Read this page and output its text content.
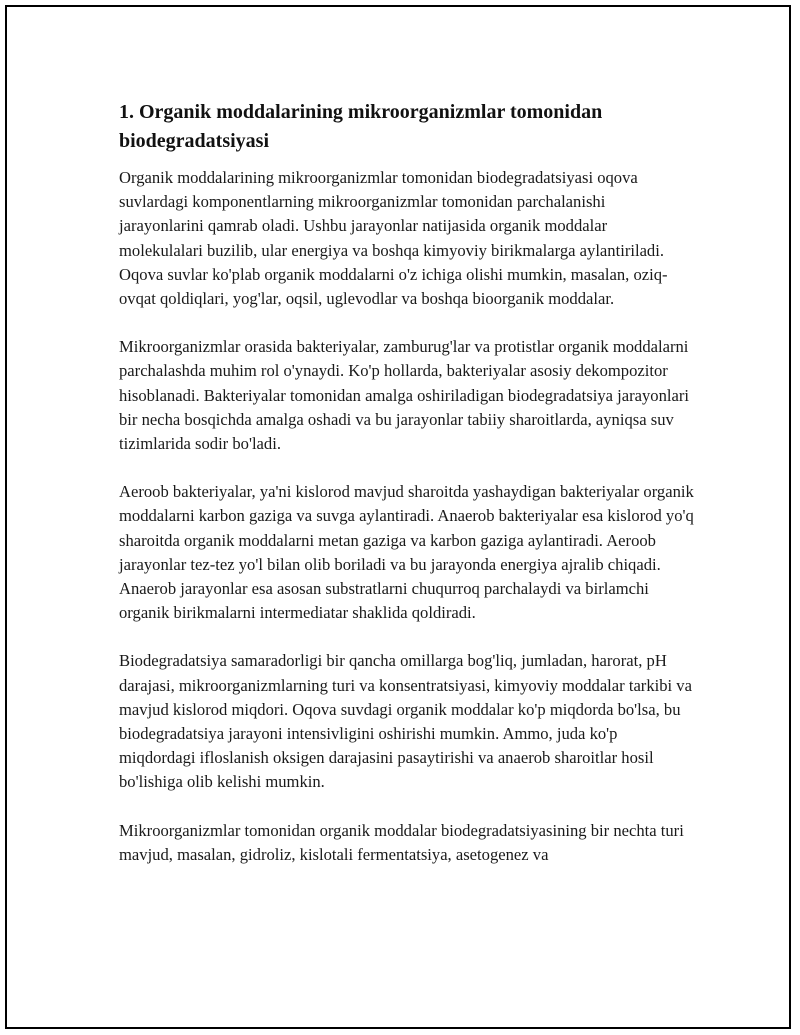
1. Organik moddalarining mikroorganizmlar tomonidan biodegradatsiyasi

Organik moddalarining mikroorganizmlar tomonidan biodegradatsiyasi oqova suvlardagi komponentlarning mikroorganizmlar tomonidan parchalanishi jarayonlarini qamrab oladi. Ushbu jarayonlar natijasida organik moddalar molekulalari buzilib, ular energiya va boshqa kimyoviy birikmalarga aylantiriladi. Oqova suvlar ko'plab organik moddalarni o'z ichiga olishi mumkin, masalan, oziq-ovqat qoldiqlari, yog'lar, oqsil, uglevodlar va boshqa bioorganik moddalar.

Mikroorganizmlar orasida bakteriyalar, zamburug'lar va protistlar organik moddalarni parchalashda muhim rol o'ynaydi. Ko'p hollarda, bakteriyalar asosiy dekompozitor hisoblanadi. Bakteriyalar tomonidan amalga oshiriladigan biodegradatsiya jarayonlari bir necha bosqichda amalga oshadi va bu jarayonlar tabiiy sharoitlarda, ayniqsa suv tizimlarida sodir bo'ladi.

Aeroob bakteriyalar, ya'ni kislorod mavjud sharoitda yashaydigan bakteriyalar organik moddalarni karbon gaziga va suvga aylantiradi. Anaerob bakteriyalar esa kislorod yo'q sharoitda organik moddalarni metan gaziga va karbon gaziga aylantiradi. Aeroob jarayonlar tez-tez yo'l bilan olib boriladi va bu jarayonda energiya ajralib chiqadi. Anaerob jarayonlar esa asosan substratlarni chuqurroq parchalaydi va birlamchi organik birikmalarni intermediatar shaklida qoldiradi.

Biodegradatsiya samaradorligi bir qancha omillarga bog'liq, jumladan, harorat, pH darajasi, mikroorganizmlarning turi va konsentratsiyasi, kimyoviy moddalar tarkibi va mavjud kislorod miqdori. Oqova suvdagi organik moddalar ko'p miqdorda bo'lsa, bu biodegradatsiya jarayoni intensivligini oshirishi mumkin. Ammo, juda ko'p miqdordagi ifloslanish oksigen darajasini pasaytirishi va anaerob sharoitlar hosil bo'lishiga olib kelishi mumkin.

Mikroorganizmlar tomonidan organik moddalar biodegradatsiyasining bir nechta turi mavjud, masalan, gidroliz, kislotali fermentatsiya, asetogenez va
